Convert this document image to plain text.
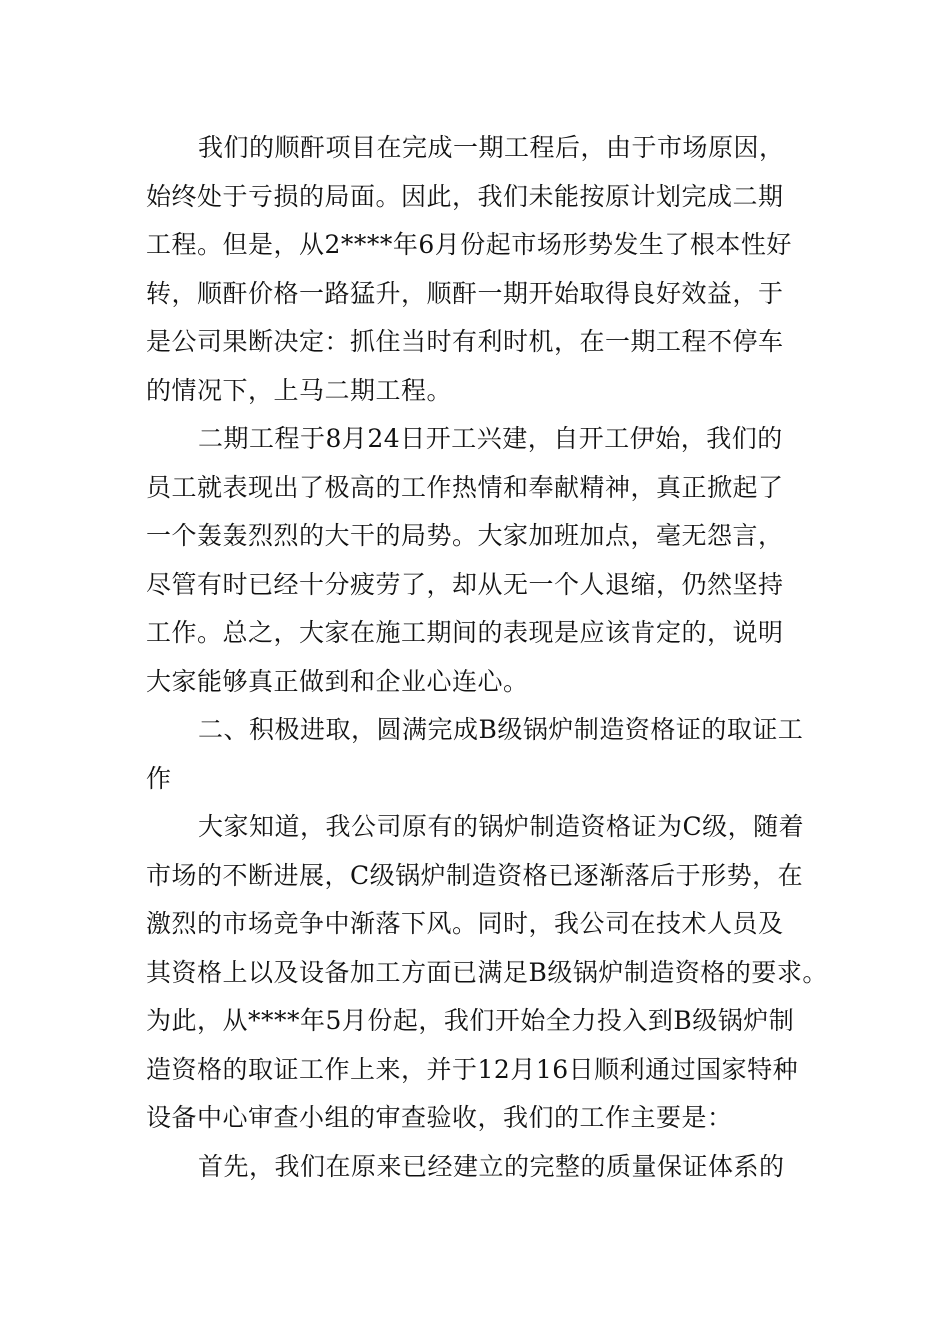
我们的顺酐项目在完成一期工程后，由于市场原因，
始终处于亏损的局面。因此，我们未能按原计划完成二期
工程。但是，从2****年6月份起市场形势发生了根本性好
转，顺酐价格一路猛升，顺酐一期开始取得良好效益，于
是公司果断决定：抓住当时有利时机，在一期工程不停车
的情况下，上马二期工程。
二期工程于8月24日开工兴建，自开工伊始，我们的
员工就表现出了极高的工作热情和奉献精神，真正掀起了
一个轰轰烈烈的大干的局势。大家加班加点，毫无怨言，
尽管有时已经十分疲劳了，却从无一个人退缩，仍然坚持
工作。总之，大家在施工期间的表现是应该肯定的，说明
大家能够真正做到和企业心连心。
二、积极进取，圆满完成B级锅炉制造资格证的取证工
作
大家知道，我公司原有的锅炉制造资格证为C级，随着
市场的不断进展，C级锅炉制造资格已逐渐落后于形势，在
激烈的市场竞争中渐落下风。同时，我公司在技术人员及
其资格上以及设备加工方面已满足B级锅炉制造资格的要求。
为此，从****年5月份起，我们开始全力投入到B级锅炉制
造资格的取证工作上来，并于12月16日顺利通过国家特种
设备中心审查小组的审查验收，我们的工作主要是：
首先，我们在原来已经建立的完整的质量保证体系的
